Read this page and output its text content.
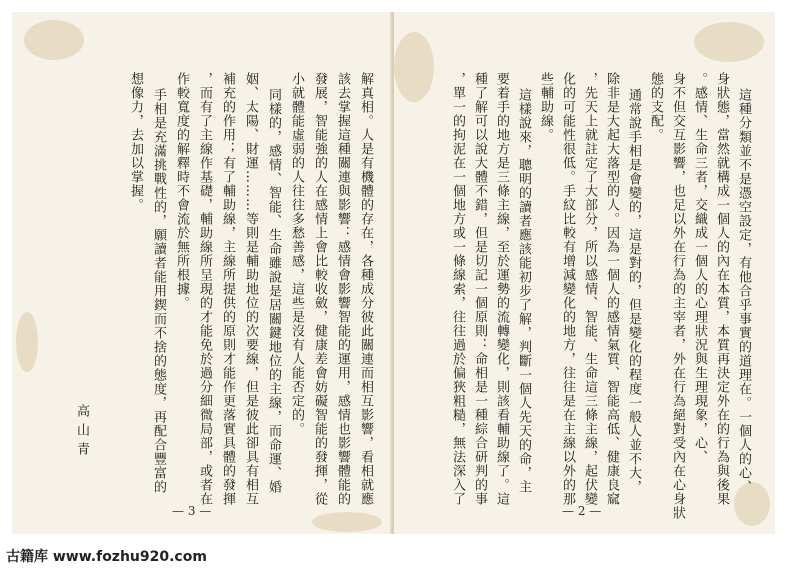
解真相。人是有機體的存在，各種成分彼此關連而相互影響，看相就應
該去掌握這種關連與影響：感情會影響智能的運用，感情也影響體能的
發展，智能強的人在感情上會比較收斂，健康差會妨礙智能的發揮，從
小就體能虛弱的人往往多愁善感，這些是沒有人能否定的。
同樣的，感情、智能、生命雖說是居關鍵地位的主線，而命運、婚
姻、太陽、財運………等則是輔助地位的次要線，但是彼此卻具有相互
補充的作用；有了輔助線，主線所提供的原則才能作更落實具體的發揮
，而有了主線作基礎，輔助線所呈現的才能免於過分細微局部，或者在
作較寬度的解釋時不會流於無所根據。
手相是充滿挑戰性的，願讀者能用鍥而不捨的態度，再配合豐富的
想像力，去加以掌握。
高山青
— 3 —
這種分類並不是憑空設定，有他合乎事實的道理在。一個人的心、
身狀態，當然就構成一個人的內在本質，本質再決定外在的行為與後果
。感情、生命三者，交織成一個人的心理狀況與生理現象，心、
身不但交互影響，也足以外在行為的主宰者，外在行為絕對受內在心身狀
態的支配。
通常說手相是會變的，這是對的，但是變化的程度一般人並不大，
除非是大起大落型的人。因為一個人的感情氣質、智能高低、健康良窳
，先天上就註定了大部分，所以感情、智能、生命這三條主線，起伏變
化的可能性很低。手紋比較有增減變化的地方，往往是在主線以外的那
些輔助線。
這樣說來，聰明的讀者應該能初步了解，判斷一個人先天的命，主
要着手的地方是三條主線，至於運勢的流轉變化，則該看輔助線了。這
種了解可以說大體不錯，但是切記一個原則：命相是一種綜合研判的事
，單一的拘泥在一個地方或一條線索，往往過於偏狹粗糙，無法深入了
— 2 —
古籍库 www.fozhu920.com
